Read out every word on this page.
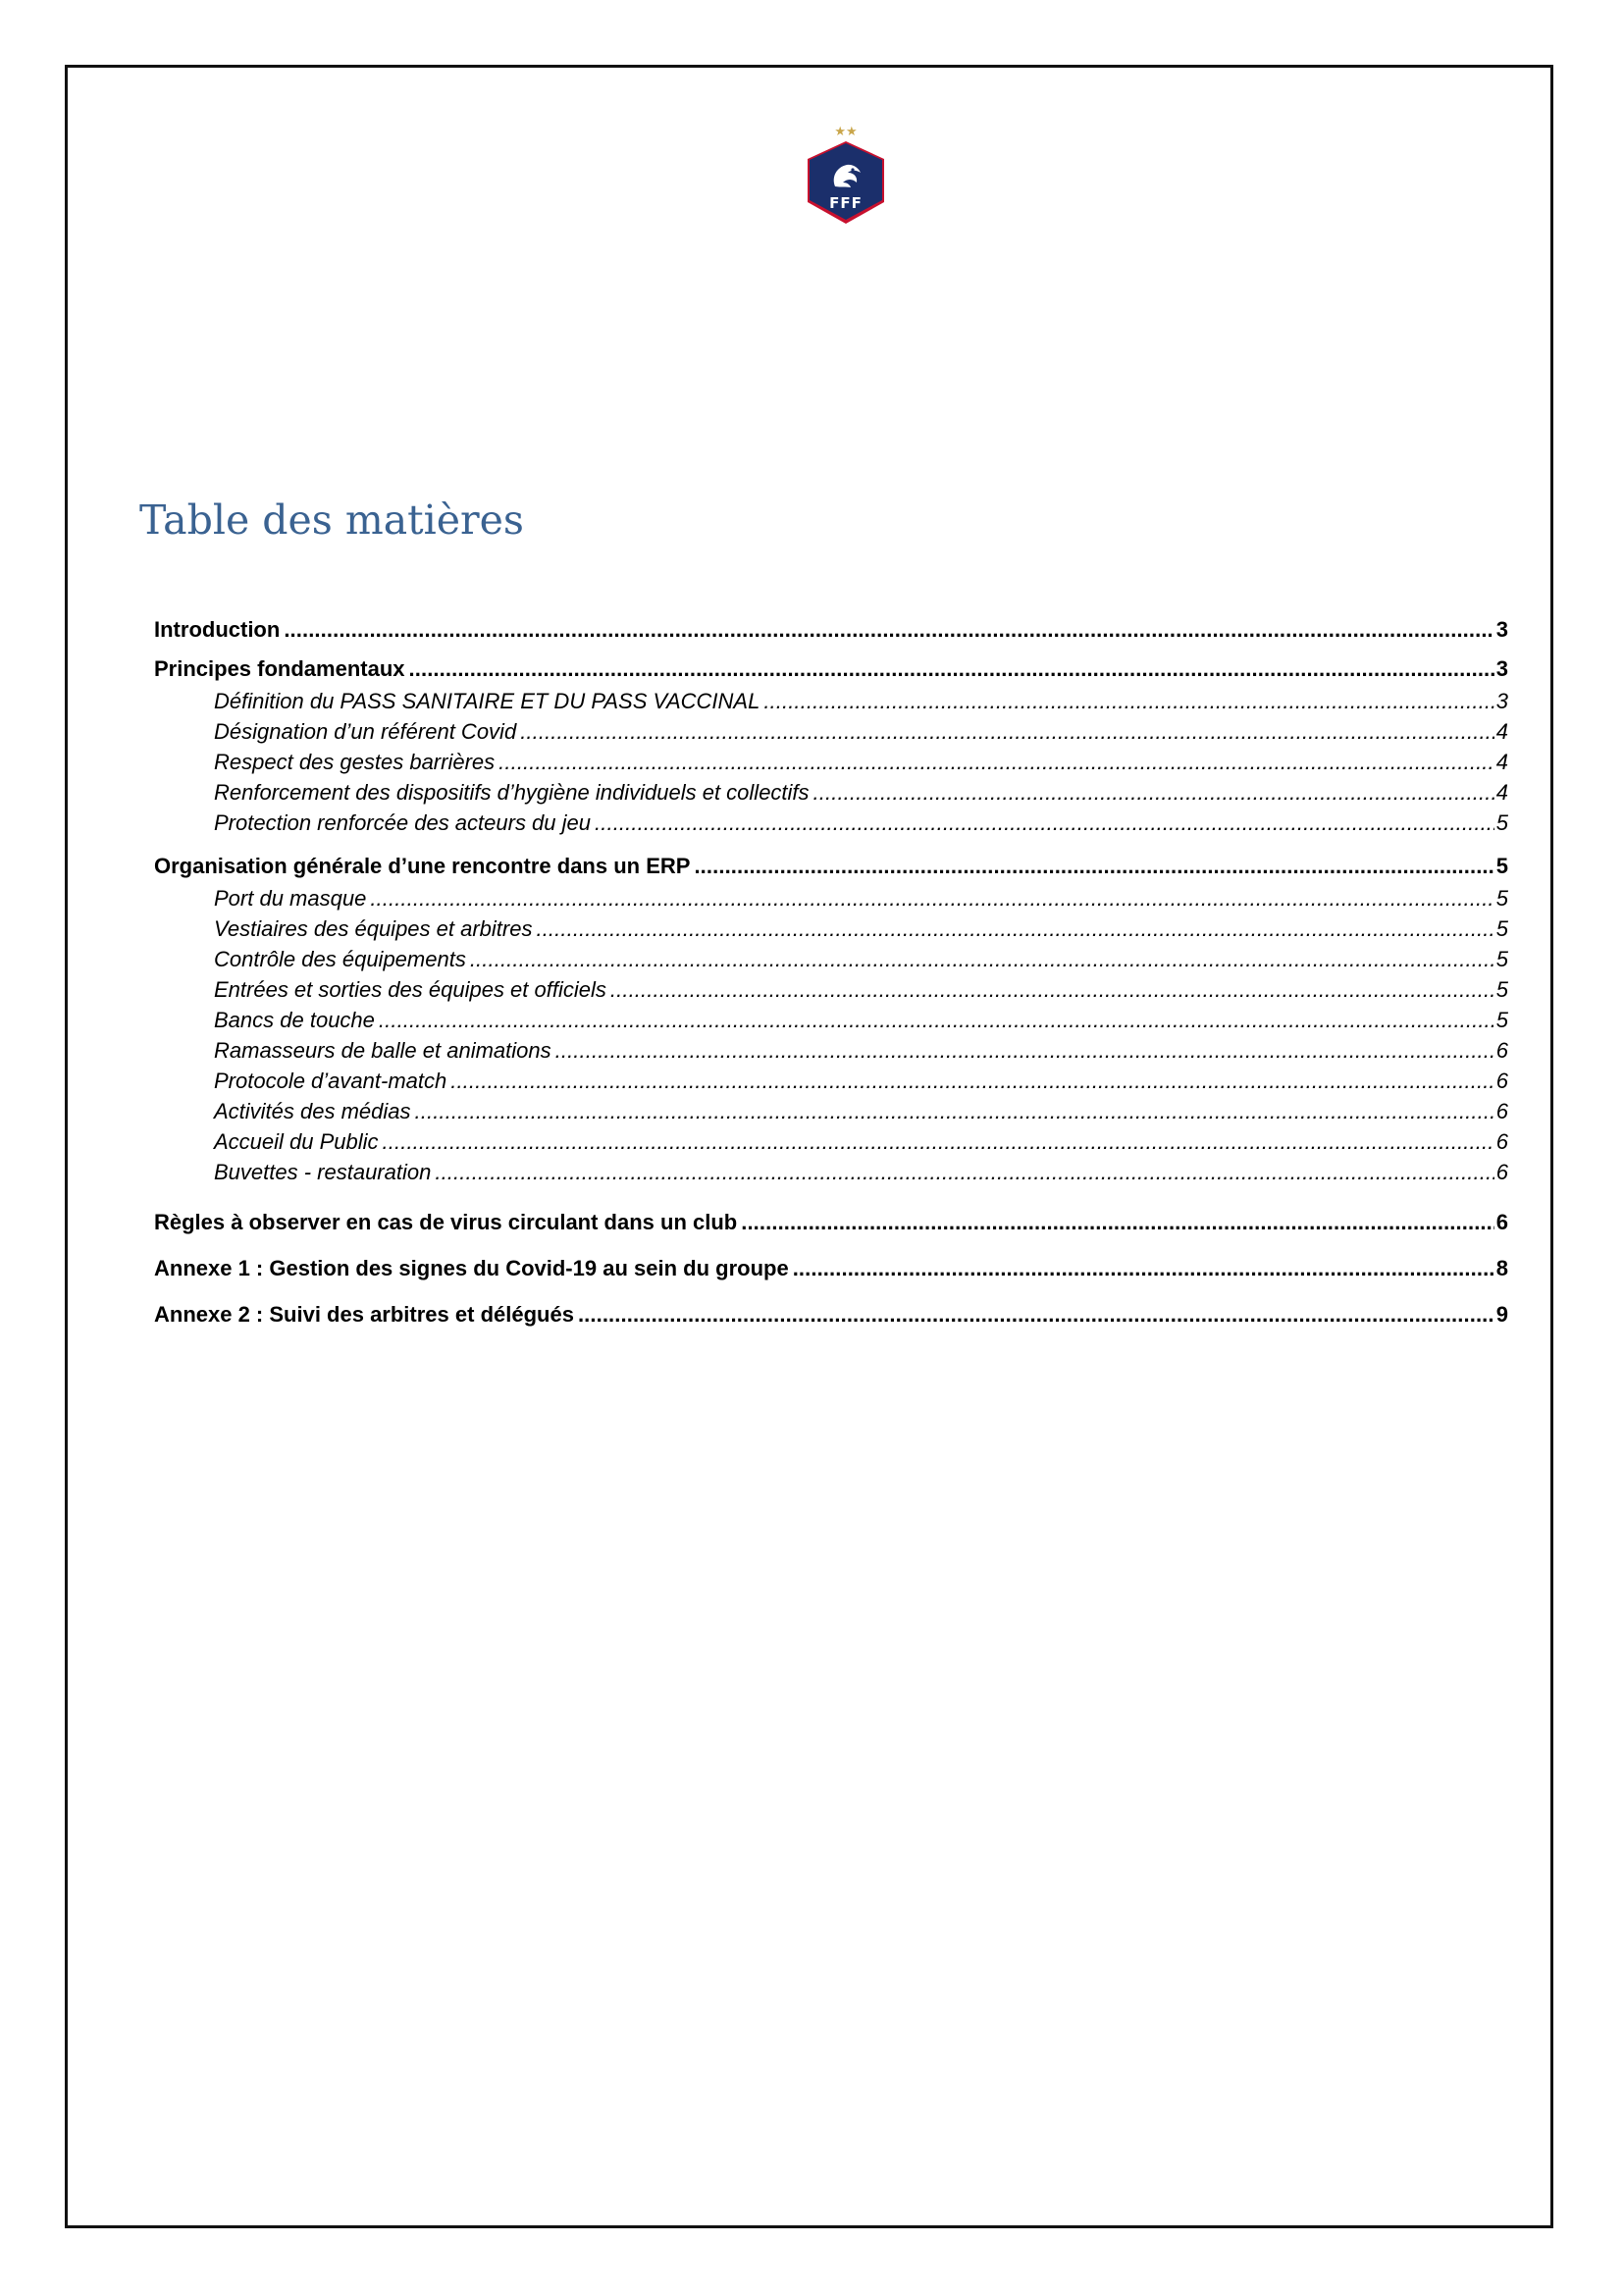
★★
FFF
Table des matières
Introduction . . .	3
Principes fondamentaux . . .	3
Définition du PASS SANITAIRE ET DU PASS VACCINAL . . .	3
Désignation d’un référent Covid . . .	4
Respect des gestes barrières . . .	4
Renforcement des dispositifs d’hygiène individuels et collectifs . . .	4
Protection renforcée des acteurs du jeu . . .	5
Organisation générale d’une rencontre dans un ERP . . .	5
Port du masque . . .	5
Vestiaires des équipes et arbitres . . .	5
Contrôle des équipements . . .	5
Entrées et sorties des équipes et officiels . . .	5
Bancs de touche . . .	5
Ramasseurs de balle et animations . . .	6
Protocole d’avant-match . . .	6
Activités des médias . . .	6
Accueil du Public . . .	6
Buvettes - restauration . . .	6
Règles à observer en cas de virus circulant dans un club . . .	6
Annexe 1 : Gestion des signes du Covid-19 au sein du groupe . . .	8
Annexe 2 : Suivi des arbitres et délégués . . .	9
